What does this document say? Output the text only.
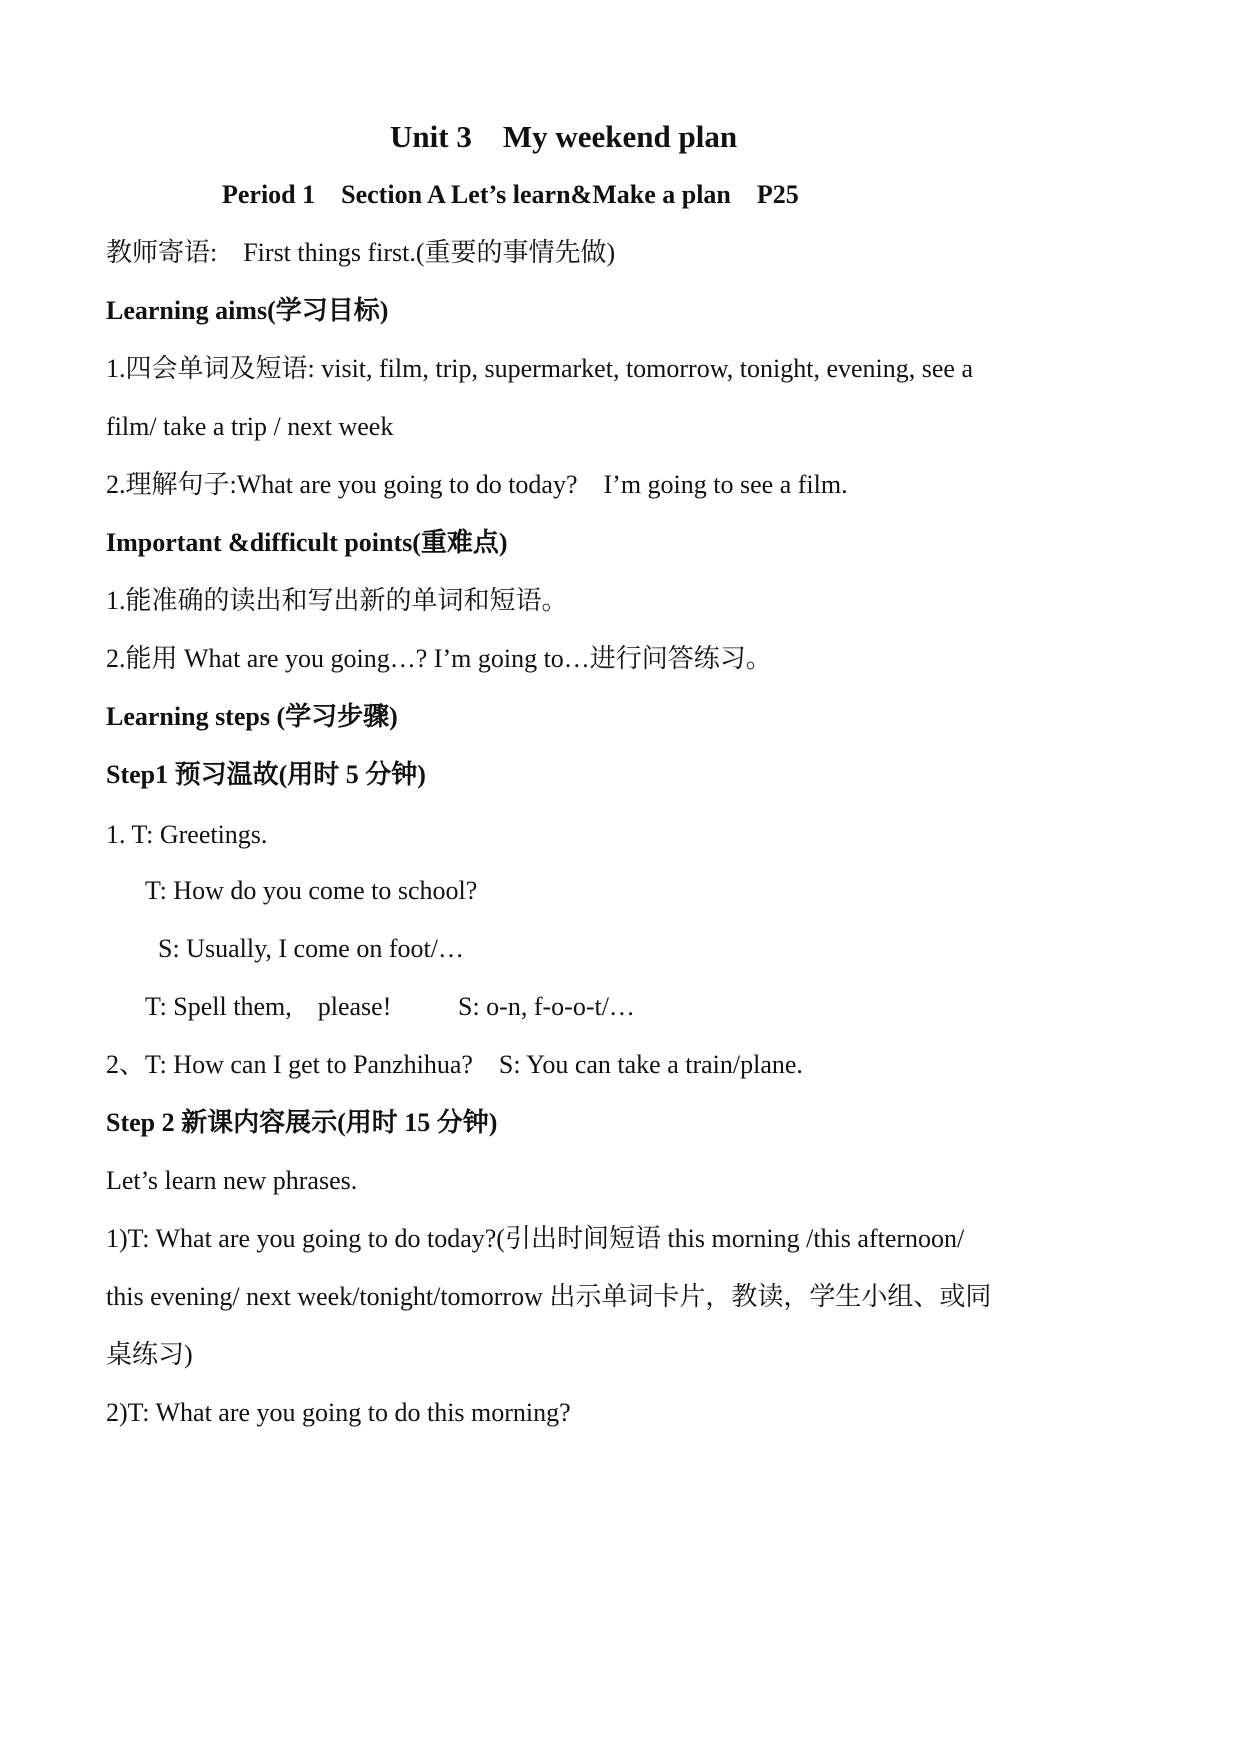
Unit 3 My weekend plan
Period 1 Section A Let’s learn&Make a plan P25
教师寄语: First things first.(重要的事情先做)
Learning aims(学习目标)
1.四会单词及短语: visit, film, trip, supermarket, tomorrow, tonight, evening, see a
film/ take a trip / next week
2.理解句子:What are you going to do today? I’m going to see a film.
Important &difficult points(重难点)
1.能准确的读出和写出新的单词和短语。
2.能用 What are you going…? I’m going to…进行问答练习。
Learning steps (学习步骤)
Step1 预习温故(用时 5 分钟)
1. T: Greetings.
T: How do you come to school?
S: Usually, I come on foot/…
T: Spell them, please!	S: o-n, f-o-o-t/…
2、T: How can I get to Panzhihua? S: You can take a train/plane.
Step 2 新课内容展示(用时 15 分钟)
Let’s learn new phrases.
1)T: What are you going to do today?(引出时间短语 this morning /this afternoon/
this evening/ next week/tonight/tomorrow 出示单词卡片，教读，学生小组、或同
桌练习)
2)T: What are you going to do this morning?
